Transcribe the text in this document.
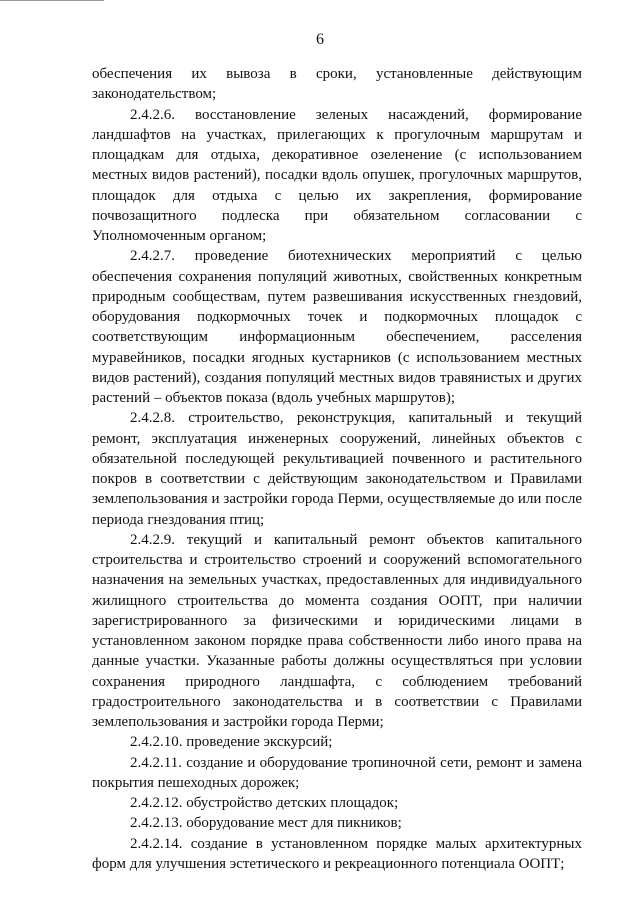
6

обеспечения их вывоза в сроки, установленные действующим законодательством;

2.4.2.6. восстановление зеленых насаждений, формирование ландшафтов на участках, прилегающих к прогулочным маршрутам и площадкам для отдыха, декоративное озеленение (с использованием местных видов растений), посадки вдоль опушек, прогулочных маршрутов, площадок для отдыха с целью их закрепления, формирование почвозащитного подлеска при обязательном согласовании с Уполномоченным органом;

2.4.2.7. проведение биотехнических мероприятий с целью обеспечения сохранения популяций животных, свойственных конкретным природным сообществам, путем развешивания искусственных гнездовий, оборудования подкормочных точек и подкормочных площадок с соответствующим информационным обеспечением, расселения муравейников, посадки ягодных кустарников (с использованием местных видов растений), создания популяций местных видов травянистых и других растений – объектов показа (вдоль учебных маршрутов);

2.4.2.8. строительство, реконструкция, капитальный и текущий ремонт, эксплуатация инженерных сооружений, линейных объектов с обязательной последующей рекультивацией почвенного и растительного покров в соответствии с действующим законодательством и Правилами землепользования и застройки города Перми, осуществляемые до или после периода гнездования птиц;

2.4.2.9. текущий и капитальный ремонт объектов капитального строительства и строительство строений и сооружений вспомогательного назначения на земельных участках, предоставленных для индивидуального жилищного строительства до момента создания ООПТ, при наличии зарегистрированного за физическими и юридическими лицами в установленном законом порядке права собственности либо иного права на данные участки. Указанные работы должны осуществляться при условии сохранения природного ландшафта, с соблюдением требований градостроительного законодательства и в соответствии с Правилами землепользования и застройки города Перми;

2.4.2.10. проведение экскурсий;

2.4.2.11. создание и оборудование тропиночной сети, ремонт и замена покрытия пешеходных дорожек;

2.4.2.12. обустройство детских площадок;

2.4.2.13. оборудование мест для пикников;

2.4.2.14. создание в установленном порядке малых архитектурных форм для улучшения эстетического и рекреационного потенциала ООПТ;
